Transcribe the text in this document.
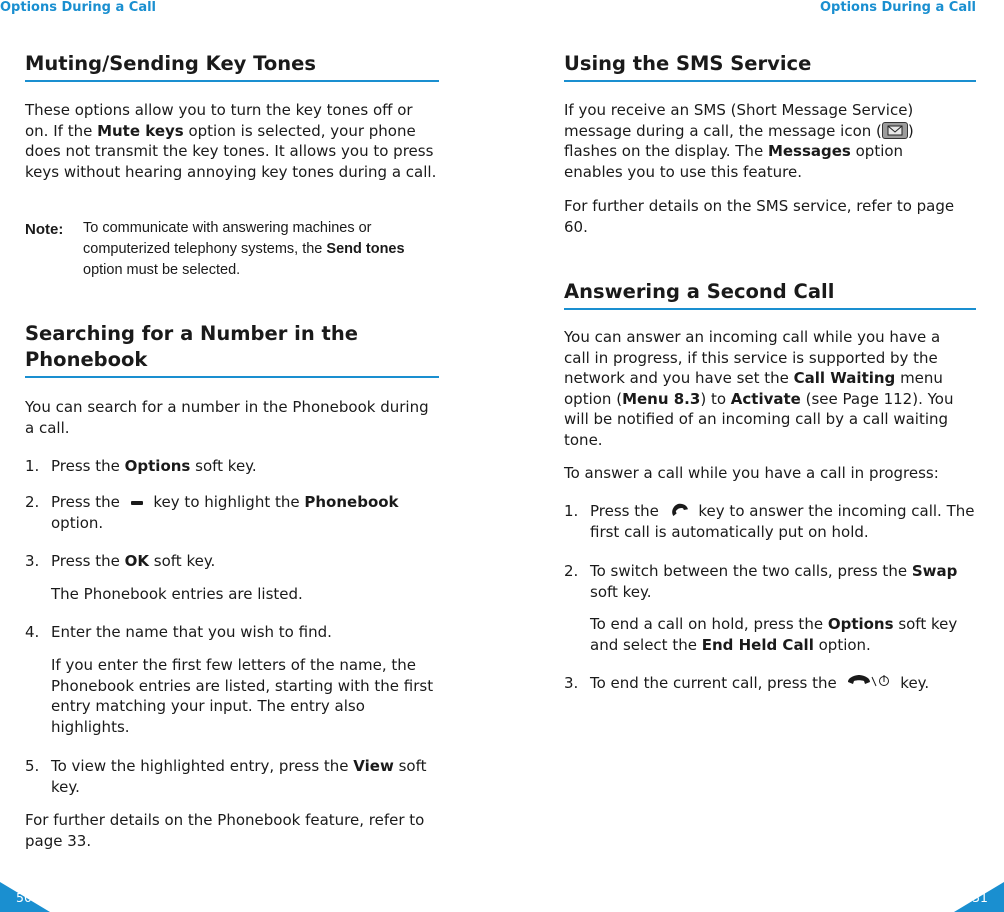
Options During a Call
Muting/Sending Key Tones

These options allow you to turn the key tones off or on. If the Mute keys option is selected, your phone does not transmit the key tones. It allows you to press keys without hearing annoying key tones during a call.

Note: To communicate with answering machines or computerized telephony systems, the Send tones option must be selected.

Searching for a Number in the Phonebook

You can search for a number in the Phonebook during a call.

1. Press the Options soft key.

2. Press the  key to highlight the Phonebook option.

3. Press the OK soft key.

The Phonebook entries are listed.

4. Enter the name that you wish to find.

If you enter the first few letters of the name, the Phonebook entries are listed, starting with the first entry matching your input. The entry also highlights.

5. To view the highlighted entry, press the View soft key.

For further details on the Phonebook feature, refer to page 33.

50
Options During a Call
Using the SMS Service

If you receive an SMS (Short Message Service) message during a call, the message icon ( ) flashes on the display. The Messages option enables you to use this feature.

For further details on the SMS service, refer to page 60.

Answering a Second Call

You can answer an incoming call while you have a call in progress, if this service is supported by the network and you have set the Call Waiting menu option (Menu 8.3) to Activate (see Page 112). You will be notified of an incoming call by a call waiting tone.

To answer a call while you have a call in progress:

1. Press the  key to answer the incoming call. The first call is automatically put on hold.

2. To switch between the two calls, press the Swap soft key.

To end a call on hold, press the Options soft key and select the End Held Call option.

3. To end the current call, press the	key.

51
